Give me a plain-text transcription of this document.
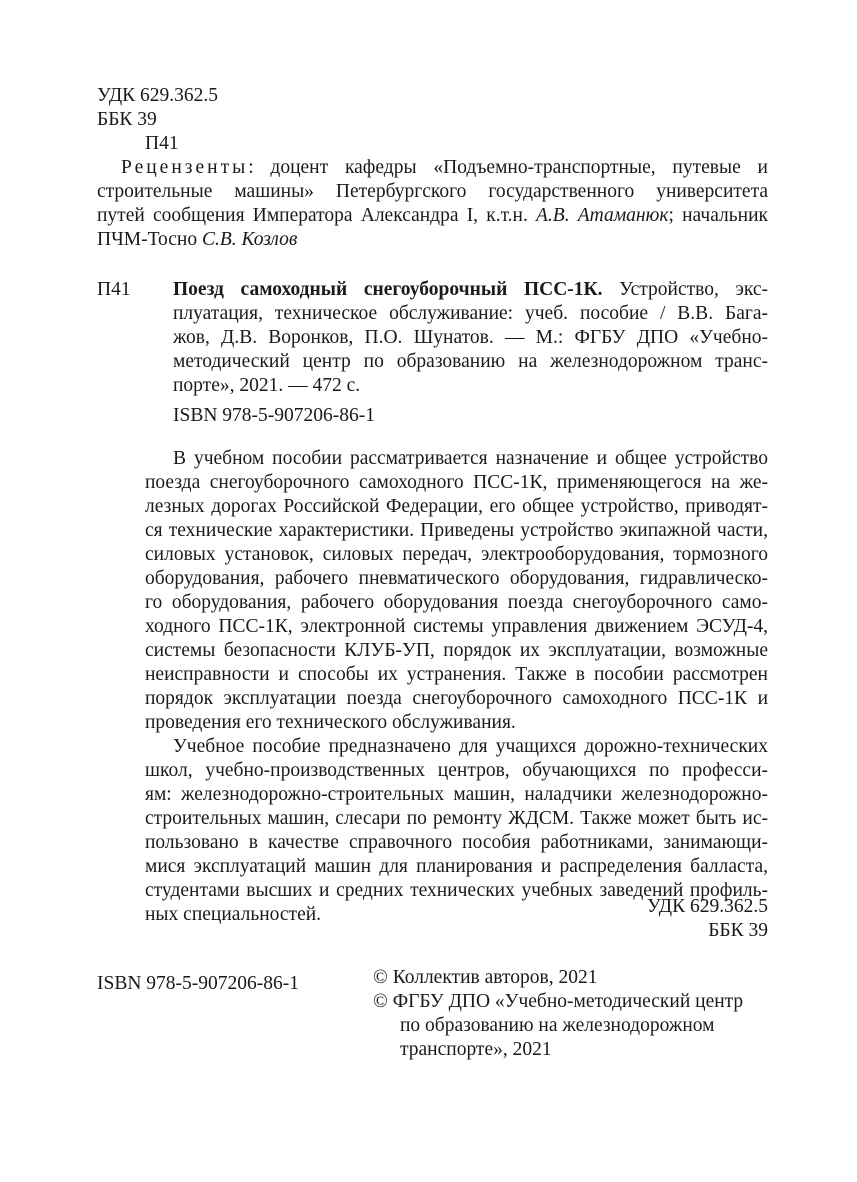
УДК 629.362.5
ББК 39
П41
Рецензенты: доцент кафедры «Подъемно-транспортные, путевые и
строительные машины» Петербургского государственного университета
путей сообщения Императора Александра I, к.т.н. А.В. Атаманюк; начальник
ПЧМ-Тосно С.В. Козлов
П41 Поезд самоходный снегоуборочный ПСС-1К. Устройство, экс-
плуатация, техническое обслуживание: учеб. пособие / В.В. Бага-
жов, Д.В. Воронков, П.О. Шунатов. — М.: ФГБУ ДПО «Учебно-
методический центр по образованию на железнодорожном транс-
порте», 2021. — 472 с.
ISBN 978-5-907206-86-1
В учебном пособии рассматривается назначение и общее устройство
поезда снегоуборочного самоходного ПСС-1К, применяющегося на же-
лезных дорогах Российской Федерации, его общее устройство, приводят-
ся технические характеристики. Приведены устройство экипажной части,
силовых установок, силовых передач, электрооборудования, тормозного
оборудования, рабочего пневматического оборудования, гидравлическо-
го оборудования, рабочего оборудования поезда снегоуборочного само-
ходного ПСС-1К, электронной системы управления движением ЭСУД-4,
системы безопасности КЛУБ-УП, порядок их эксплуатации, возможные
неисправности и способы их устранения. Также в пособии рассмотрен
порядок эксплуатации поезда снегоуборочного самоходного ПСС-1К и
проведения его технического обслуживания.
Учебное пособие предназначено для учащихся дорожно-технических
школ, учебно-производственных центров, обучающихся по професси-
ям: железнодорожно-строительных машин, наладчики железнодорожно-
строительных машин, слесари по ремонту ЖДСМ. Также может быть ис-
пользовано в качестве справочного пособия работниками, занимающи-
мися эксплуатаций машин для планирования и распределения балласта,
студентами высших и средних технических учебных заведений профиль-
ных специальностей.	УДК 629.362.5
ББК 39
ISBN 978-5-907206-86-1	© Коллектив авторов, 2021
© ФГБУ ДПО «Учебно-методический центр
по образованию на железнодорожном
транспорте», 2021
